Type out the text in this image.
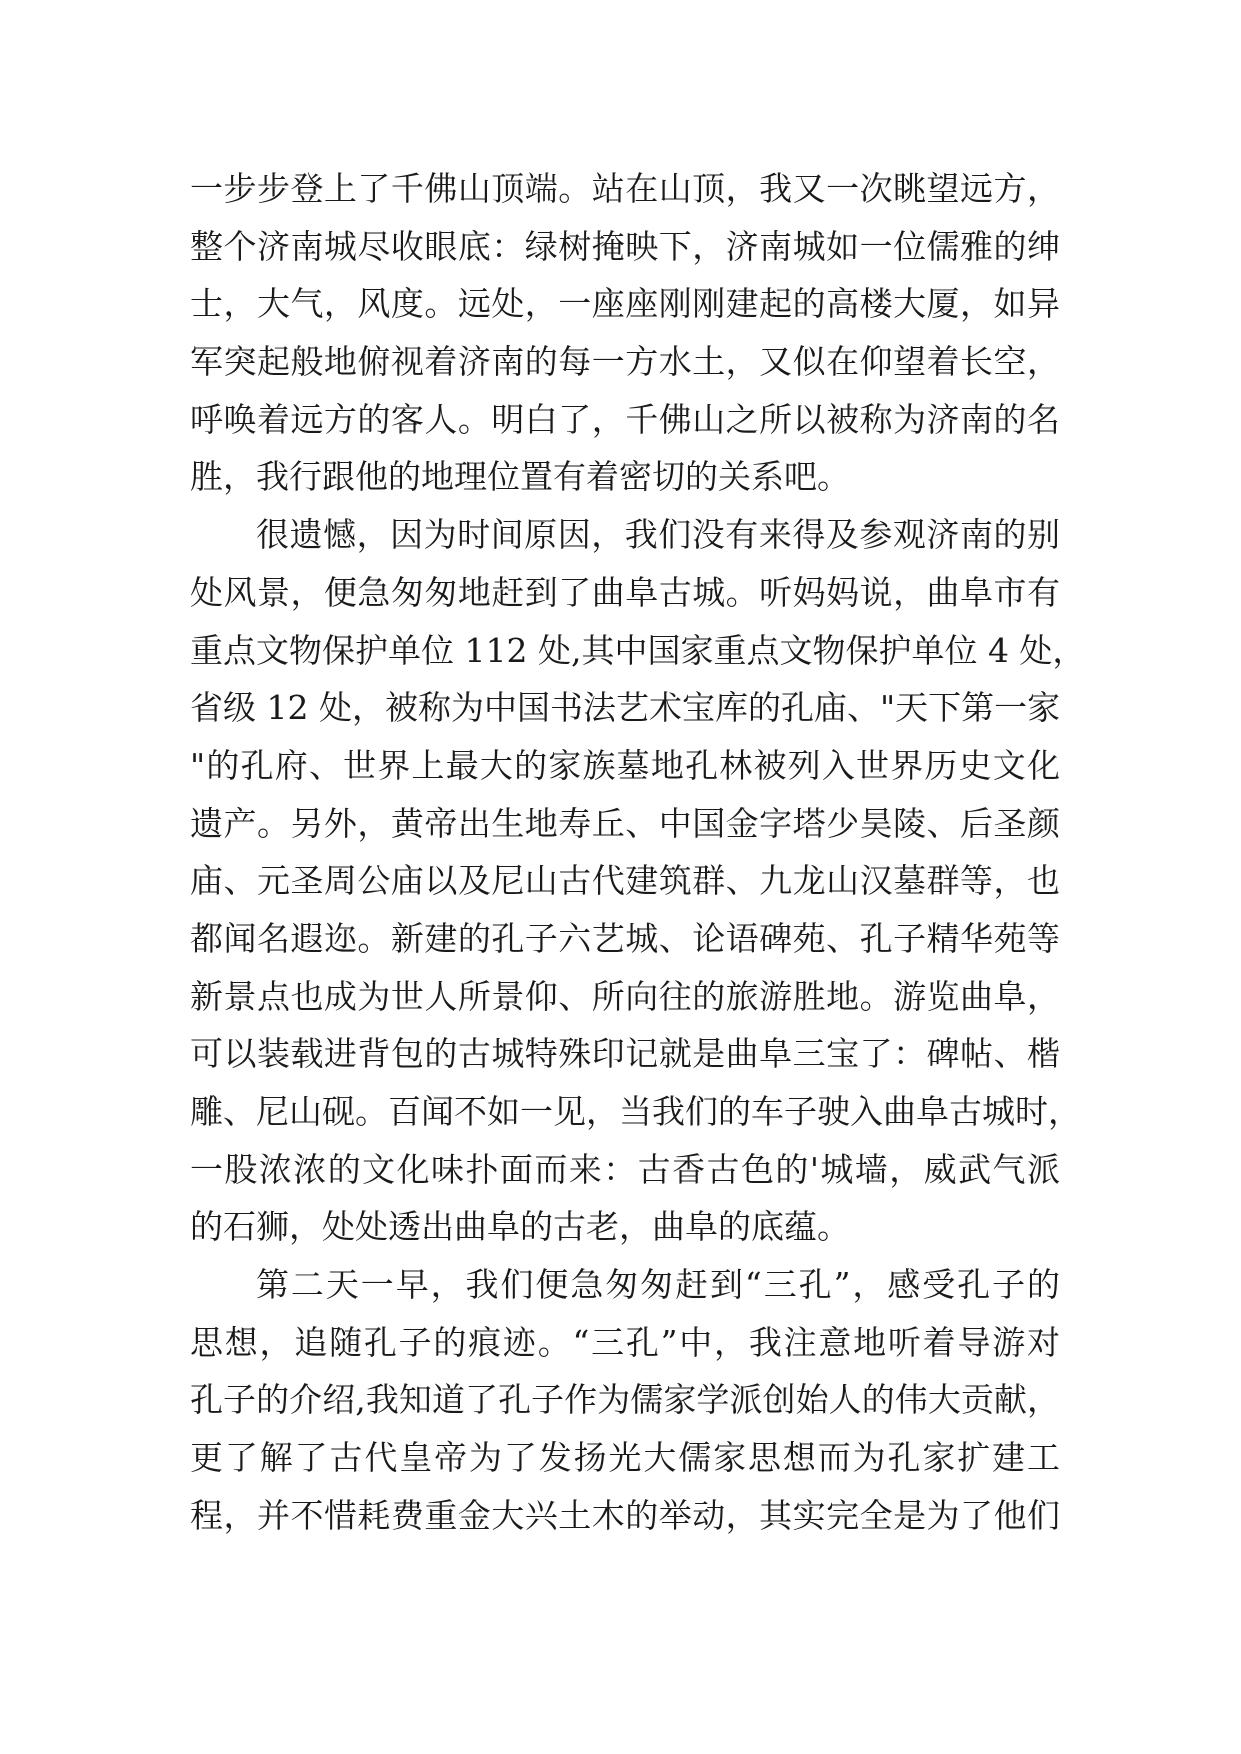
一步步登上了千佛山顶端。站在山顶，我又一次眺望远方，
整个济南城尽收眼底：绿树掩映下，济南城如一位儒雅的绅
士，大气，风度。远处，一座座刚刚建起的高楼大厦，如异
军突起般地俯视着济南的每一方水土，又似在仰望着长空，
呼唤着远方的客人。明白了，千佛山之所以被称为济南的名
胜，我行跟他的地理位置有着密切的关系吧。
很遗憾，因为时间原因，我们没有来得及参观济南的别
处风景，便急匆匆地赶到了曲阜古城。听妈妈说，曲阜市有
重点文物保护单位 112 处,其中国家重点文物保护单位 4 处，
省级 12 处，被称为中国书法艺术宝库的孔庙、"天下第一家
"的孔府、世界上最大的家族墓地孔林被列入世界历史文化
遗产。另外，黄帝出生地寿丘、中国金字塔少昊陵、后圣颜
庙、元圣周公庙以及尼山古代建筑群、九龙山汉墓群等，也
都闻名遐迩。新建的孔子六艺城、论语碑苑、孔子精华苑等
新景点也成为世人所景仰、所向往的旅游胜地。游览曲阜，
可以装载进背包的古城特殊印记就是曲阜三宝了：碑帖、楷
雕、尼山砚。百闻不如一见，当我们的车子驶入曲阜古城时，
一股浓浓的文化味扑面而来：古香古色的'城墙，威武气派
的石狮，处处透出曲阜的古老，曲阜的底蕴。
第二天一早，我们便急匆匆赶到“三孔”，感受孔子的
思想，追随孔子的痕迹。“三孔”中，我注意地听着导游对
孔子的介绍,我知道了孔子作为儒家学派创始人的伟大贡献，
更了解了古代皇帝为了发扬光大儒家思想而为孔家扩建工
程，并不惜耗费重金大兴土木的举动，其实完全是为了他们
